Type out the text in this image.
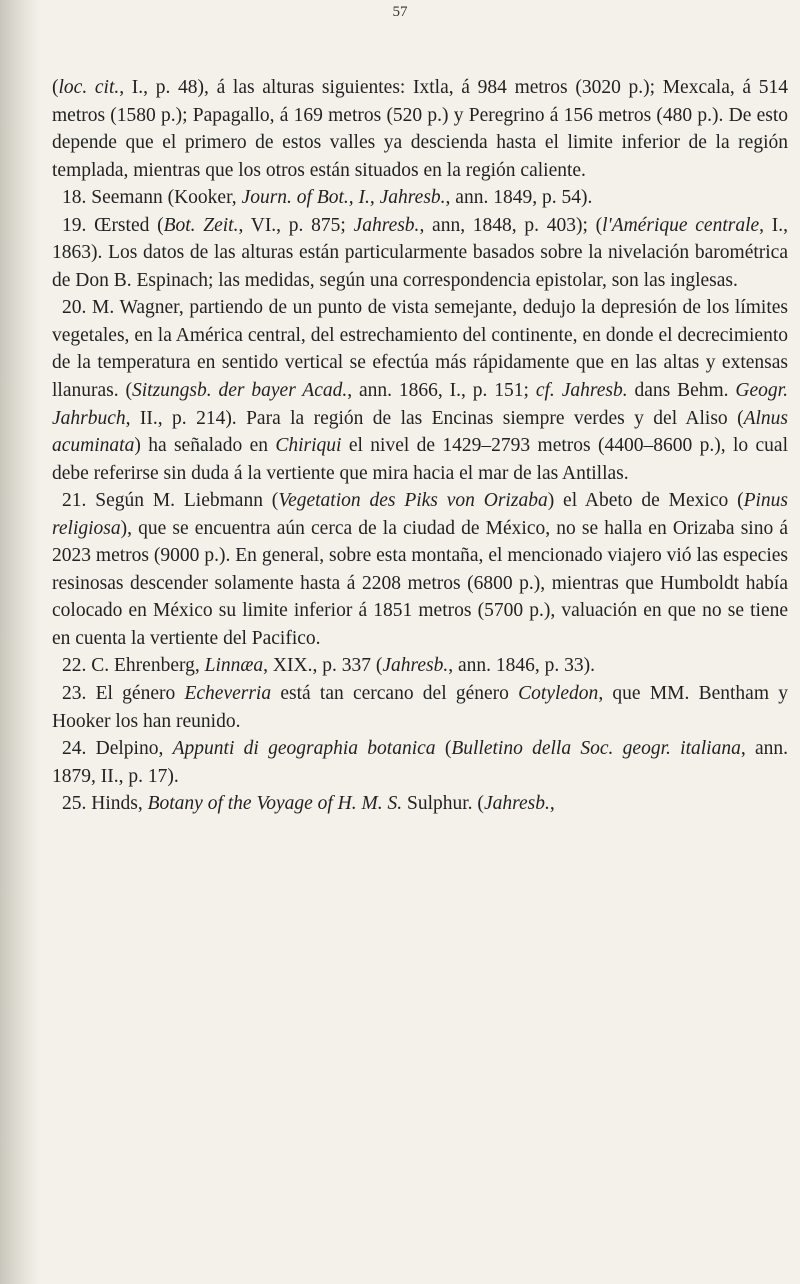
57

(loc. cit., I., p. 48), á las alturas siguientes: Ixtla, á 984 metros (3020 p.); Mexcala, á 514 metros (1580 p.); Papagallo, á 169 metros (520 p.) y Peregrino á 156 metros (480 p.). De esto depende que el primero de estos valles ya descienda hasta el limite inferior de la región templada, mientras que los otros están situados en la región caliente.

18. Seemann (Kooker, Journ. of Bot., I., Jahresb., ann. 1849, p. 54).

19. Œrsted (Bot. Zeit., VI., p. 875; Jahresb., ann, 1848, p. 403); (l'Amérique centrale, I., 1863). Los datos de las alturas están particularmente basados sobre la nivelación barométrica de Don B. Espinach; las medidas, según una correspondencia epistolar, son las inglesas.

20. M. Wagner, partiendo de un punto de vista semejante, dedujo la depresión de los límites vegetales, en la América central, del estrechamiento del continente, en donde el decrecimiento de la temperatura en sentido vertical se efectúa más rápidamente que en las altas y extensas llanuras. (Sitzungsb. der bayer Acad., ann. 1866, I., p. 151; cf. Jahresb. dans Behm. Geogr. Jahrbuch, II., p. 214). Para la región de las Encinas siempre verdes y del Aliso (Alnus acuminata) ha señalado en Chiriqui el nivel de 1429–2793 metros (4400–8600 p.), lo cual debe referirse sin duda á la vertiente que mira hacia el mar de las Antillas.

21. Según M. Liebmann (Vegetation des Piks von Orizaba) el Abeto de Mexico (Pinus religiosa), que se encuentra aún cerca de la ciudad de México, no se halla en Orizaba sino á 2023 metros (9000 p.). En general, sobre esta montaña, el mencionado viajero vió las especies resinosas descender solamente hasta á 2208 metros (6800 p.), mientras que Humboldt había colocado en México su limite inferior á 1851 metros (5700 p.), valuación en que no se tiene en cuenta la vertiente del Pacifico.

22. C. Ehrenberg, Linnæa, XIX., p. 337 (Jahresb., ann. 1846, p. 33).

23. El género Echeverria está tan cercano del género Cotyledon, que MM. Bentham y Hooker los han reunido.

24. Delpino, Appunti di geographia botanica (Bulletino della Soc. geogr. italiana, ann. 1879, II., p. 17).

25. Hinds, Botany of the Voyage of H. M. S. Sulphur. (Jahresb.,
